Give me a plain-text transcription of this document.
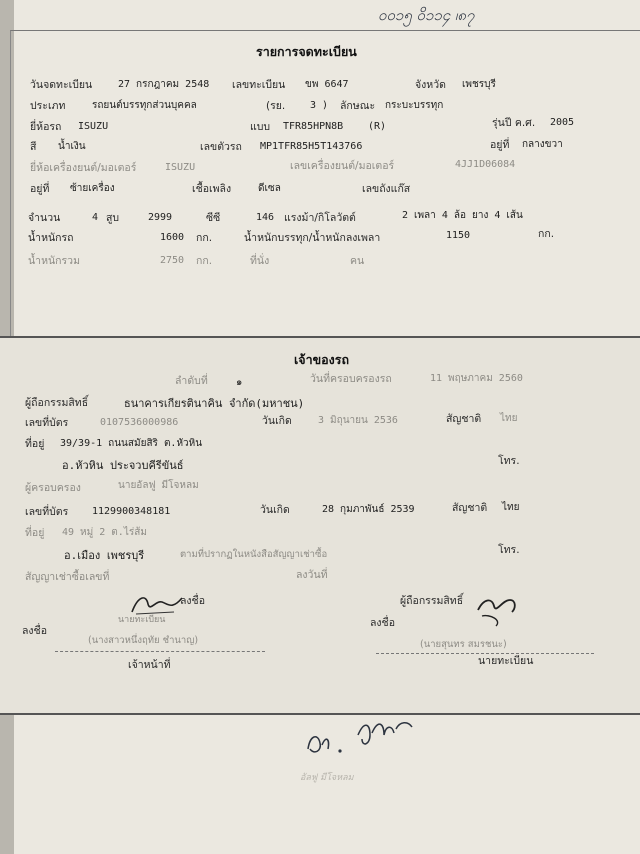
၀၀၁၅ ဝိ၁၁၄ ၊၈၇
รายการจดทะเบียน
วันจดทะเบียน	27 กรกฎาคม 2548 เลขทะเบียน ขพ 6647	จังหวัด เพชรบุรี
ประเภท	รถยนต์บรรทุกส่วนบุคคล	(รย. 3 ) ลักษณะ กระบะบรรทุก
ยี่ห้อรถ ISUZU	แบบ TFR85HPN8B (R)	รุ่นปี ค.ศ. 2005
สี น้ำเงิน	เลขตัวรถ MP1TFR85H5T143766	อยู่ที่ กลางขวา
ยี่ห้อเครื่องยนต์/มอเตอร์	ISUZU	เลขเครื่องยนต์/มอเตอร์	4JJ1D06084
อยู่ที่ ซ้ายเครื่อง	เชื้อเพลิง	ดีเซล	เลขถังแก๊ส
จำนวน	4 สูบ	2999	ซีซี	146 แรงม้า/กิโลวัตต์	2 เพลา 4 ล้อ ยาง 4 เส้น
น้ำหนักรถ	1600 กก.	น้ำหนักบรรทุก/น้ำหนักลงเพลา	1150	กก.
น้ำหนักรวม	2750 กก.	ที่นั่ง	คน
เจ้าของรถ
ลำดับที่	๑	วันที่ครอบครองรถ	11 พฤษภาคม 2560
ผู้ถือกรรมสิทธิ์	ธนาคารเกียรตินาคิน จำกัด(มหาชน)
เลขที่บัตร	0107536000986	วันเกิด	3 มิถุนายน 2536	สัญชาติ ไทย
ที่อยู่ 39/39-1 ถนนสมัยสิริ ต.หัวหิน
อ.หัวหิน ประจวบคีรีขันธ์	โทร.
ผู้ครอบครอง	นายอัลฟู มีโจหลม
เลขที่บัตร 1129900348181	วันเกิด	28 กุมภาพันธ์ 2539	สัญชาติ ไทย
ที่อยู่ 49 หมู่ 2 ต.ไร่ส้ม
อ.เมือง เพชรบุรี	ตามที่ปรากฏในหนังสือสัญญาเช่าซื้อ	โทร.
สัญญาเช่าซื้อเลขที่	ลงวันที่
ลงชื่อ	ผู้ถือกรรมสิทธิ์
ลงชื่อ
นายทะเบียน
(นางสาวหนึ่งฤทัย ชำนาญ)
เจ้าหน้าที่
ลงชื่อ
(นายสุนทร สมรชนะ)
นายทะเบียน
อัลฟู มีโจหลม
